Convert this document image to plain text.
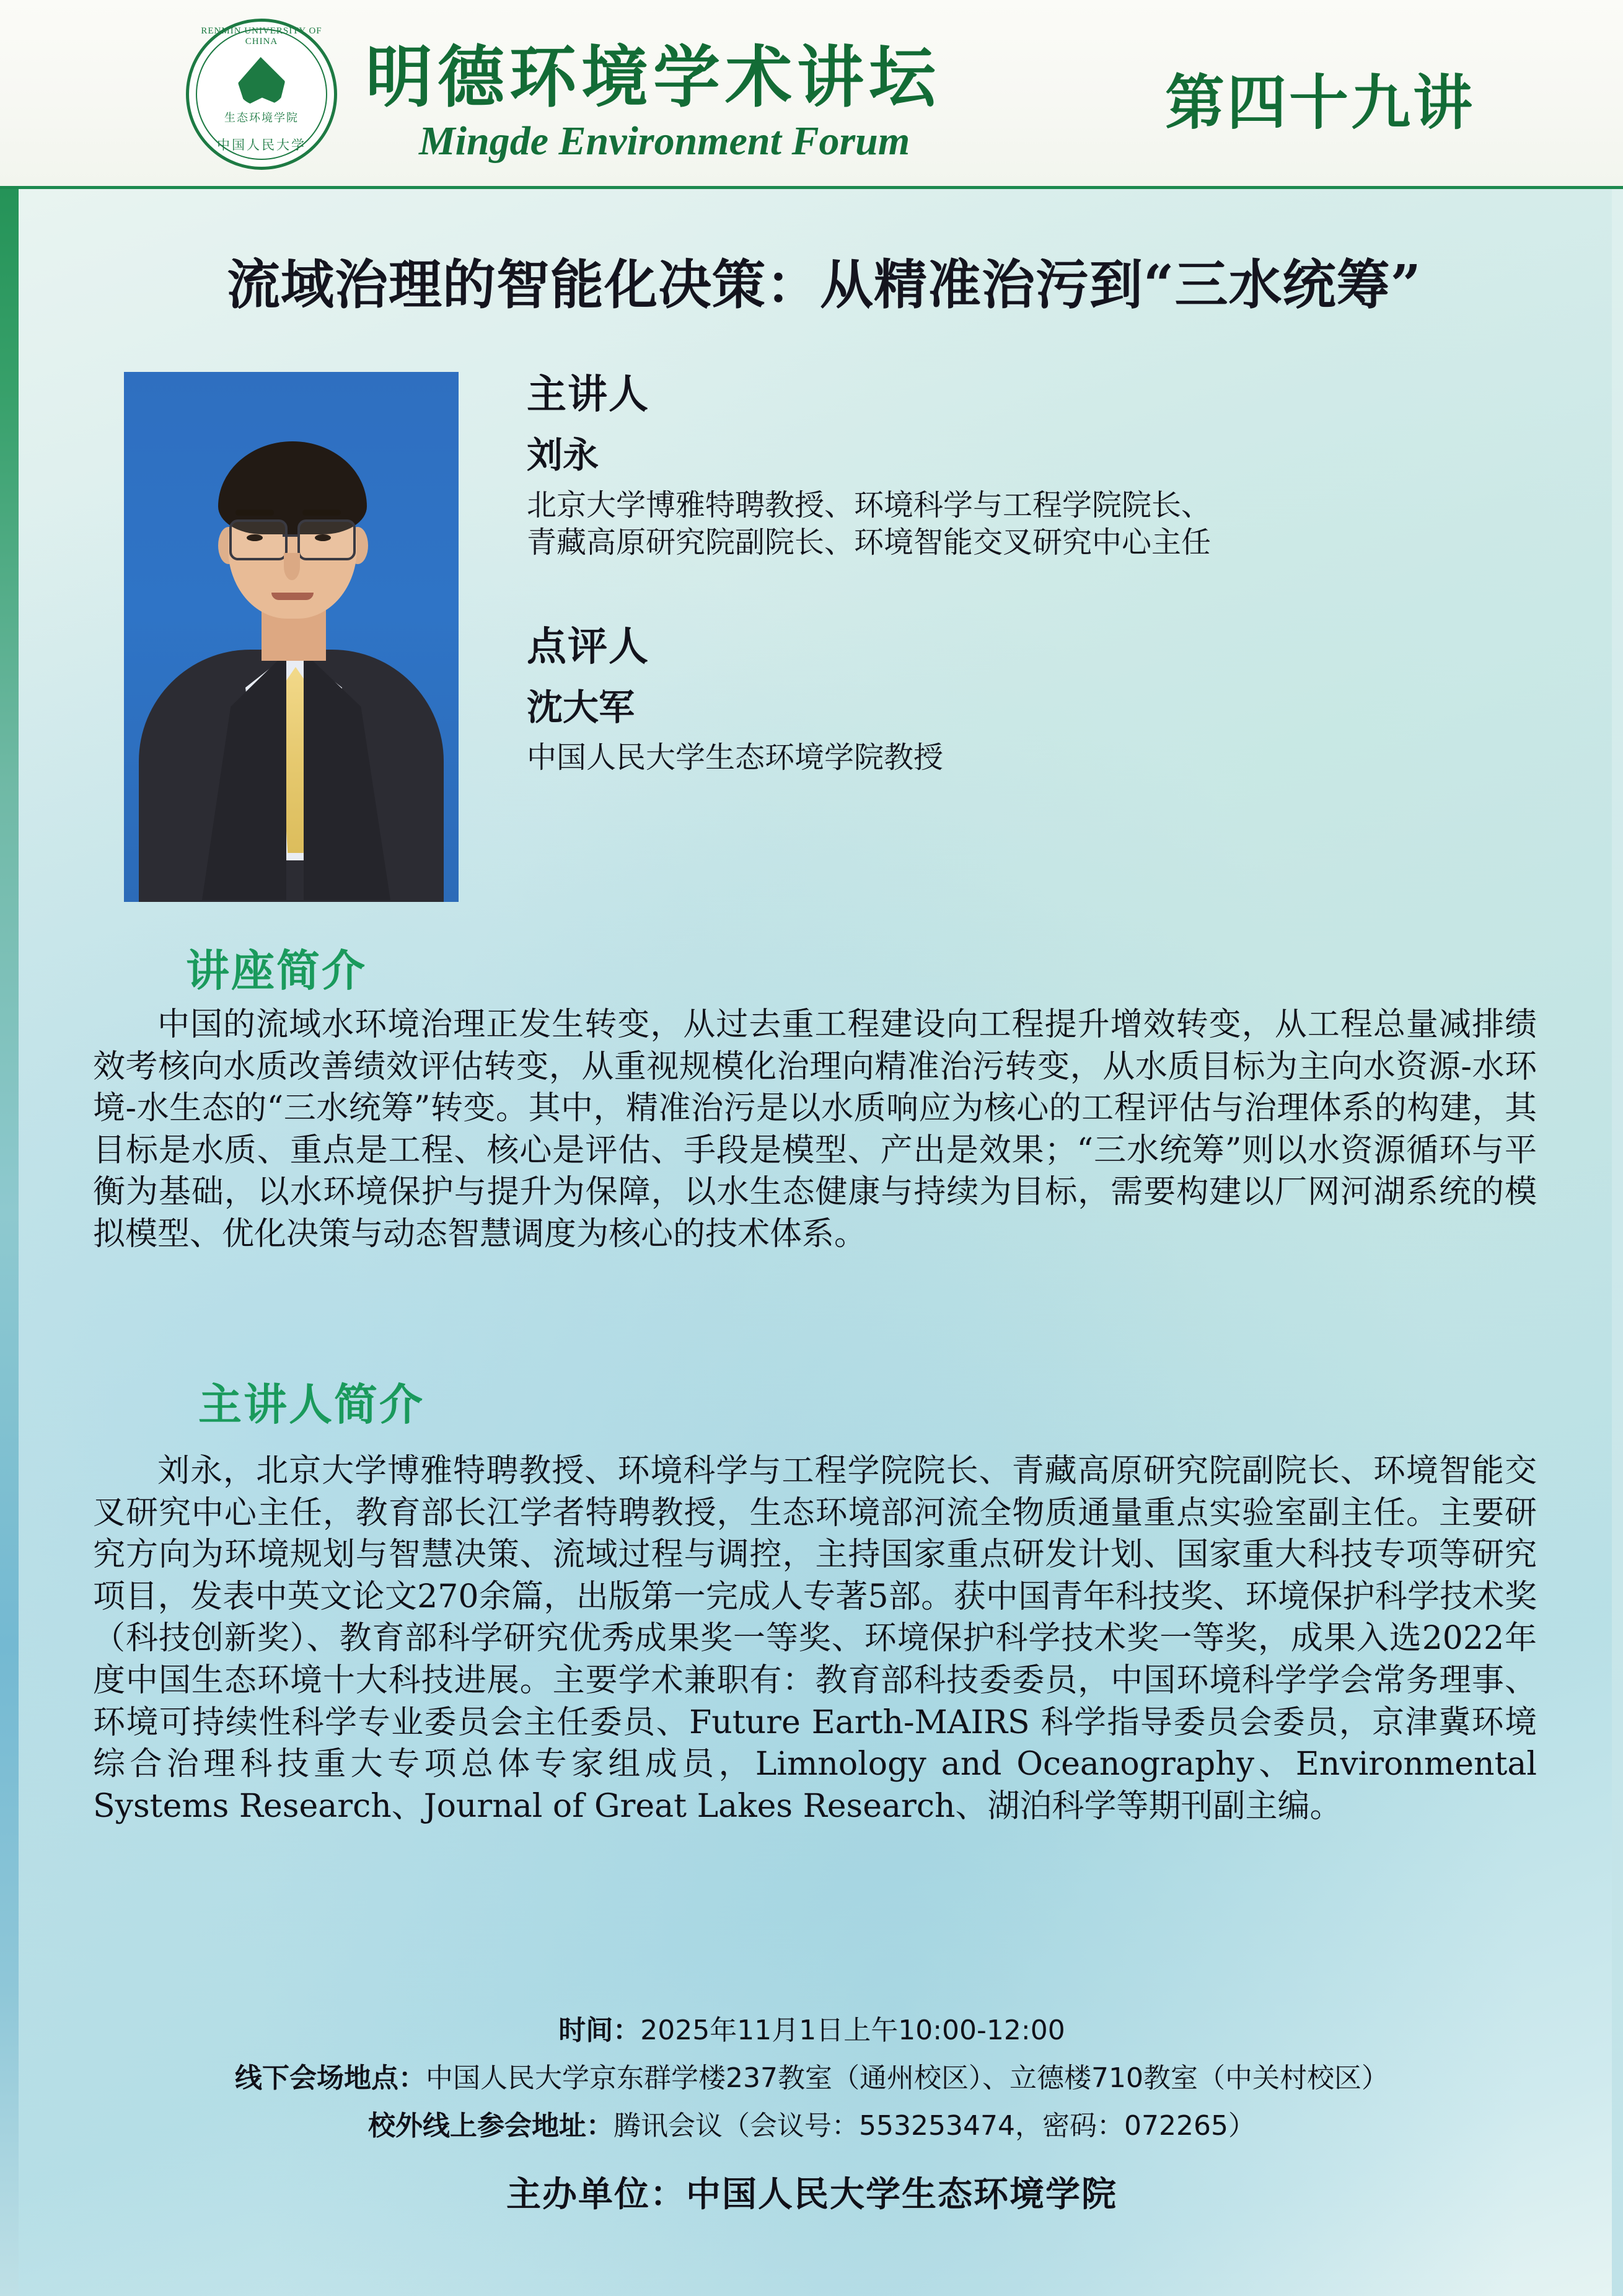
RENMIN UNIVERSITY OF CHINA
生态环境学院
中国人民大学
明德环境学术讲坛
Mingde Environment Forum
第四十九讲
流域治理的智能化决策：从精准治污到“三水统筹”

主讲人

刘永

北京大学博雅特聘教授、环境科学与工程学院院长、

青藏高原研究院副院长、环境智能交叉研究中心主任

点评人

沈大军

中国人民大学生态环境学院教授

讲座简介
中国的流域水环境治理正发生转变，从过去重工程建设向工程提升增效转变，从工程总量减排绩效考核向水质改善绩效评估转变，从重视规模化治理向精准治污转变，从水质目标为主向水资源-水环境-水生态的“三水统筹”转变。其中，精准治污是以水质响应为核心的工程评估与治理体系的构建，其目标是水质、重点是工程、核心是评估、手段是模型、产出是效果；“三水统筹”则以水资源循环与平衡为基础，以水环境保护与提升为保障，以水生态健康与持续为目标，需要构建以厂网河湖系统的模拟模型、优化决策与动态智慧调度为核心的技术体系。
主讲人简介
刘永，北京大学博雅特聘教授、环境科学与工程学院院长、青藏高原研究院副院长、环境智能交叉研究中心主任，教育部长江学者特聘教授，生态环境部河流全物质通量重点实验室副主任。主要研究方向为环境规划与智慧决策、流域过程与调控，主持国家重点研发计划、国家重大科技专项等研究项目，发表中英文论文270余篇，出版第一完成人专著5部。获中国青年科技奖、环境保护科学技术奖（科技创新奖）、教育部科学研究优秀成果奖一等奖、环境保护科学技术奖一等奖，成果入选2022年度中国生态环境十大科技进展。主要学术兼职有：教育部科技委委员，中国环境科学学会常务理事、环境可持续性科学专业委员会主任委员、Future Earth-MAIRS 科学指导委员会委员，京津冀环境综合治理科技重大专项总体专家组成员，Limnology and Oceanography、Environmental Systems Research、Journal of Great Lakes Research、湖泊科学等期刊副主编。

时间：2025年11月1日上午10:00-12:00

线下会场地点：中国人民大学京东群学楼237教室（通州校区）、立德楼710教室（中关村校区）

校外线上参会地址：腾讯会议（会议号：553253474，密码：072265）

主办单位：中国人民大学生态环境学院
